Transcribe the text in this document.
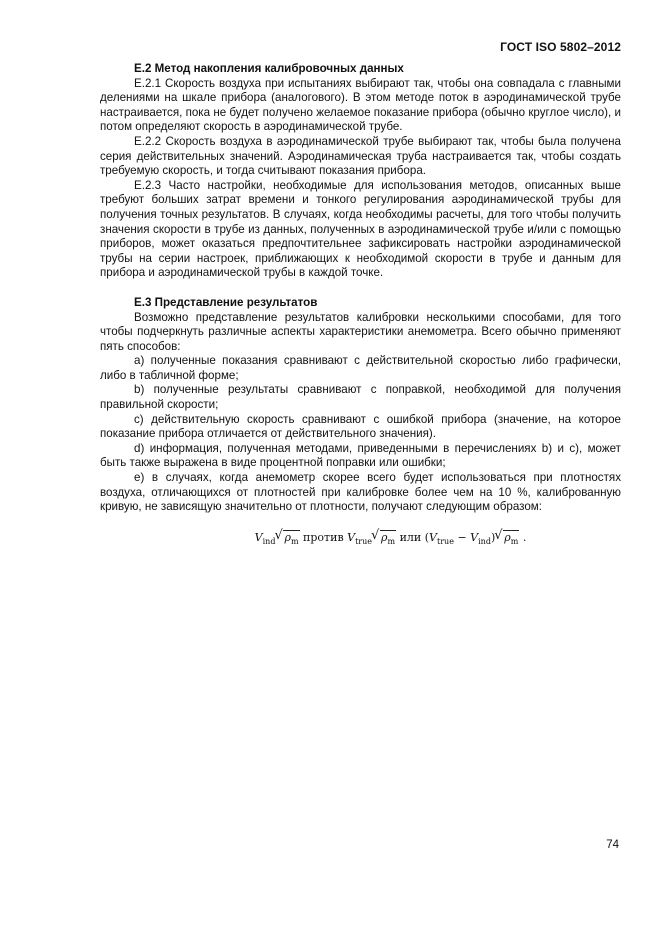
ГОСТ ISO 5802–2012

Е.2 Метод накопления калибровочных данных

Е.2.1 Скорость воздуха при испытаниях выбирают так, чтобы она совпадала с главными делениями на шкале прибора (аналогового). В этом методе поток в аэродинамической трубе настраивается, пока не будет получено желаемое показание прибора (обычно круглое число), и потом определяют скорость в аэродинамической трубе.

Е.2.2 Скорость воздуха в аэродинамической трубе выбирают так, чтобы была получена серия действительных значений. Аэродинамическая труба настраивается так, чтобы создать требуемую скорость, и тогда считывают показания прибора.

Е.2.3 Часто настройки, необходимые для использования методов, описанных выше требуют больших затрат времени и тонкого регулирования аэродинамической трубы для получения точных результатов. В случаях, когда необходимы расчеты, для того чтобы получить значения скорости в трубе из данных, полученных в аэродинамической трубе и/или с помощью приборов, может оказаться предпочтительнее зафиксировать настройки аэродинамической трубы на серии настроек, приближающих к необходимой скорости в трубе и данным для прибора и аэродинамической трубы в каждой точке.

Е.3 Представление результатов

Возможно представление результатов калибровки несколькими способами, для того чтобы подчеркнуть различные аспекты характеристики анемометра. Всего обычно применяют пять способов:

а) полученные показания сравнивают с действительной скоростью либо графически, либо в табличной форме;

b) полученные результаты сравнивают с поправкой, необходимой для получения правильной скорости;

с) действительную скорость сравнивают с ошибкой прибора (значение, на которое показание прибора отличается от действительного значения).

d) информация, полученная методами, приведенными в перечислениях b) и с), может быть также выражена в виде процентной поправки или ошибки;

е) в случаях, когда анемометр скорее всего будет использоваться при плотностях воздуха, отличающихся от плотностей при калибровке более чем на 10 %, калиброванную кривую, не зависящую значительно от плотности, получают следующим образом:

$V_{ind}√$ $\rho_m$ против $V_{true}√$ $\rho_m$ или $(V_{true} - V_{ind})√$ $\rho_m$ .
74
